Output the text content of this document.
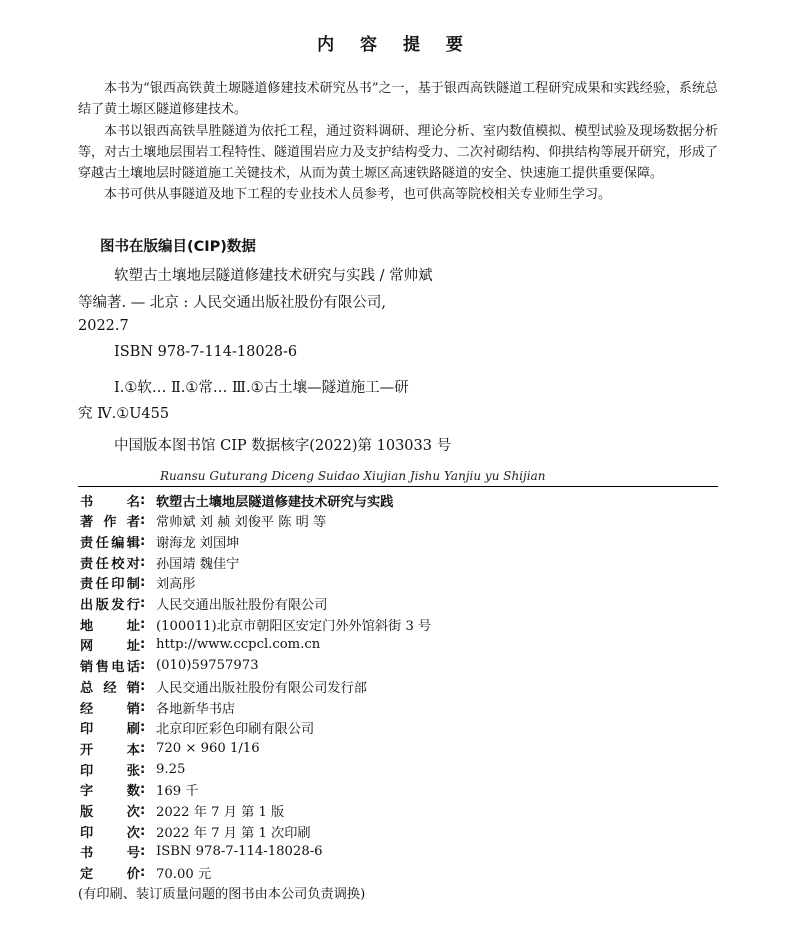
内 容 提 要

本书为“银西高铁黄土塬隧道修建技术研究丛书”之一，基于银西高铁隧道工程研究成果和实践经验，系统总结了黄土塬区隧道修建技术。

本书以银西高铁旱胜隧道为依托工程，通过资料调研、理论分析、室内数值模拟、模型试验及现场数据分析等，对古土壤地层围岩工程特性、隧道围岩应力及支护结构受力、二次衬砌结构、仰拱结构等展开研究，形成了穿越古土壤地层时隧道施工关键技术，从而为黄土塬区高速铁路隧道的安全、快速施工提供重要保障。

本书可供从事隧道及地下工程的专业技术人员参考，也可供高等院校相关专业师生学习。

图书在版编目(CIP)数据
软塑古土壤地层隧道修建技术研究与实践 / 常帅斌
等编著. — 北京 : 人民交通出版社股份有限公司,
2022.7
ISBN 978-7-114-18028-6
Ⅰ.①软… Ⅱ.①常… Ⅲ.①古土壤—隧道施工—研
究 Ⅳ.①U455
中国版本图书馆 CIP 数据核字(2022)第 103033 号
Ruansu Guturang Diceng Suidao Xiujian Jishu Yanjiu yu Shijian
书名 : 软塑古土壤地层隧道修建技术研究与实践
著作者 : 常帅斌 刘 赪 刘俊平 陈 明 等
责任编辑 : 谢海龙 刘国坤
责任校对 : 孙国靖 魏佳宁
责任印制 : 刘高彤
出版发行 : 人民交通出版社股份有限公司
地址 : (100011)北京市朝阳区安定门外外馆斜街 3 号
网址 : http://www.ccpcl.com.cn
销售电话 : (010)59757973
总经销 : 人民交通出版社股份有限公司发行部
经销 : 各地新华书店
印刷 : 北京印匠彩色印刷有限公司
开本 : 720 × 960 1/16
印张 : 9.25
字数 : 169 千
版次 : 2022 年 7 月 第 1 版
印次 : 2022 年 7 月 第 1 次印刷
书号 : ISBN 978-7-114-18028-6
定价 : 70.00 元
(有印刷、装订质量问题的图书由本公司负责调换)
